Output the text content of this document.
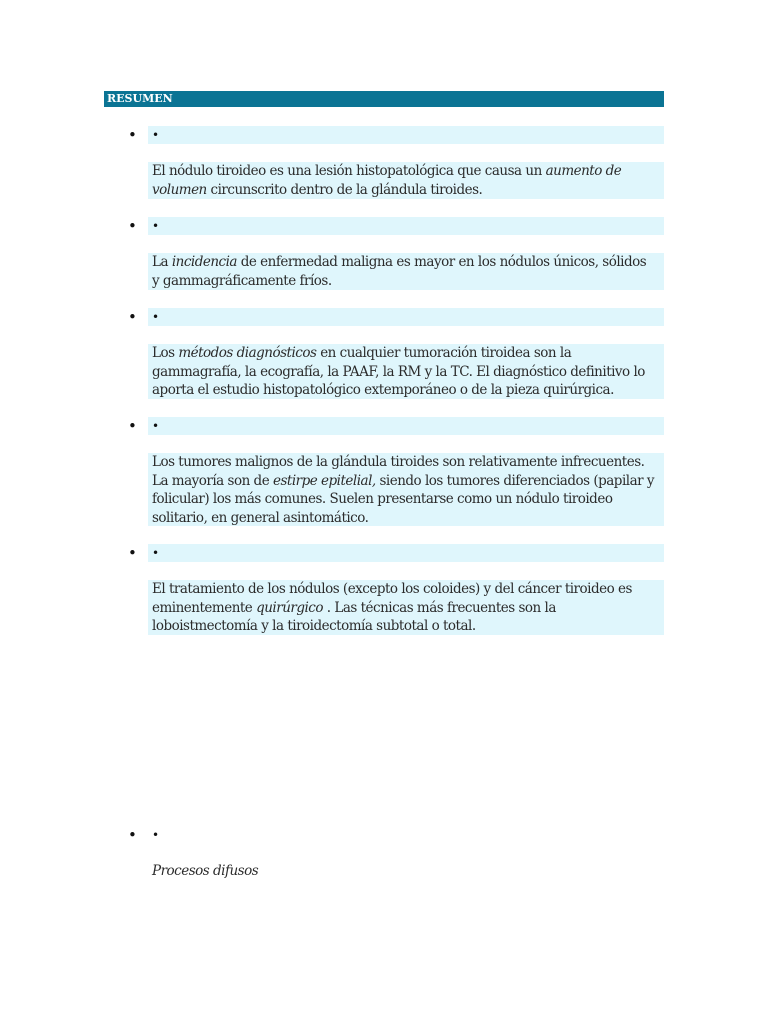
RESUMEN
• •
El nódulo tiroideo es una lesión histopatológica que causa un aumento de
volumen circunscrito dentro de la glándula tiroides.
• •
La incidencia de enfermedad maligna es mayor en los nódulos únicos, sólidos
y gammagráficamente fríos.
• •
Los métodos diagnósticos en cualquier tumoración tiroidea son la
gammagrafía, la ecografía, la PAAF, la RM y la TC. El diagnóstico definitivo lo
aporta el estudio histopatológico extemporáneo o de la pieza quirúrgica.
• •
Los tumores malignos de la glándula tiroides son relativamente infrecuentes.
La mayoría son de estirpe epitelial, siendo los tumores diferenciados (papilar y
folicular) los más comunes. Suelen presentarse como un nódulo tiroideo
solitario, en general asintomático.
• •
El tratamiento de los nódulos (excepto los coloides) y del cáncer tiroideo es
eminentemente quirúrgico . Las técnicas más frecuentes son la
loboistmectomía y la tiroidectomía subtotal o total.
• •
Procesos difusos
